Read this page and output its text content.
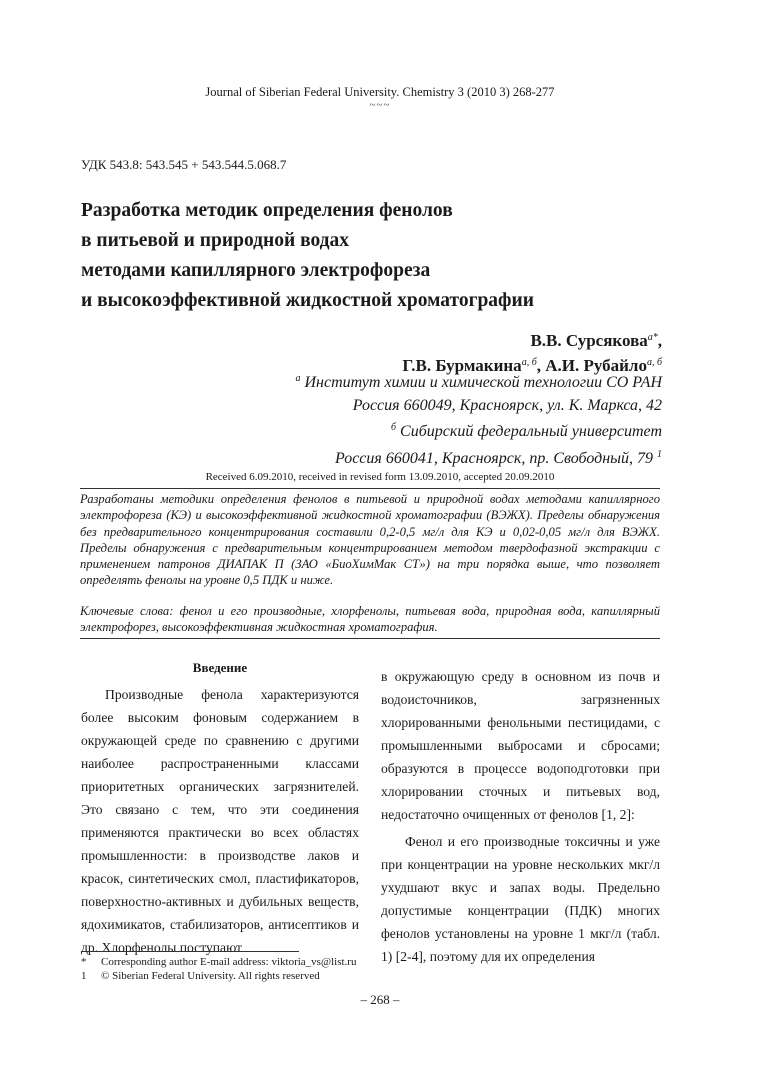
Journal of Siberian Federal University. Chemistry 3 (2010 3) 268-277
~~~
УДК 543.8: 543.545 + 543.544.5.068.7
Разработка методик определения фенолов
в питьевой и природной водах
методами капиллярного электрофореза
и высокоэффективной жидкостной хроматографии
В.В. Сурсякова$^{а*}$,
Г.В. Бурмакина$^{а, б}$, А.И. Рубайло$^{а, б}$
$^а$ Институт химии и химической технологии СО РАН
Россия 660049, Красноярск, ул. К. Маркса, 42
$^б$ Сибирский федеральный университет
Россия 660041, Красноярск, пр. Свободный, 79 $^1$
Received 6.09.2010, received in revised form 13.09.2010, accepted 20.09.2010
Разработаны методики определения фенолов в питьевой и природной водах методами капиллярного электрофореза (КЭ) и высокоэффективной жидкостной хроматографии (ВЭЖХ). Пределы обнаружения без предварительного концентрирования составили 0,2-0,5 мг/л для КЭ и 0,02-0,05 мг/л для ВЭЖХ. Пределы обнаружения с предварительным концентрированием методом твердофазной экстракции с применением патронов ДИАПАК П (ЗАО «БиоХимМак СТ») на три порядка выше, что позволяет определять фенолы на уровне 0,5 ПДК и ниже.
Ключевые слова: фенол и его производные, хлорфенолы, питьевая вода, природная вода, капиллярный электрофорез, высокоэффективная жидкостная хроматография.
Введение

Производные фенола характеризуются более высоким фоновым содержанием в окружающей среде по сравнению с другими наиболее распространенными классами приоритетных органических загрязнителей. Это связано с тем, что эти соединения применяются практически во всех областях промышленности: в производстве лаков и красок, синтетических смол, пластификаторов, поверхностно-активных и дубильных веществ, ядохимикатов, стабилизаторов, антисептиков и др. Хлорфенолы поступают

в окружающую среду в основном из почв и водоисточников, загрязненных хлорированными фенольными пестицидами, с промышленными выбросами и сбросами; образуются в процессе водоподготовки при хлорировании сточных и питьевых вод, недостаточно очищенных от фенолов [1, 2]:

Фенол и его производные токсичны и уже при концентрации на уровне нескольких мкг/л ухудшают вкус и запах воды. Предельно допустимые концентрации (ПДК) многих фенолов установлены на уровне 1 мкг/л (табл. 1) [2-4], поэтому для их определения

* Corresponding author E-mail address: viktoria_vs@list.ru
1 © Siberian Federal University. All rights reserved
– 268 –
